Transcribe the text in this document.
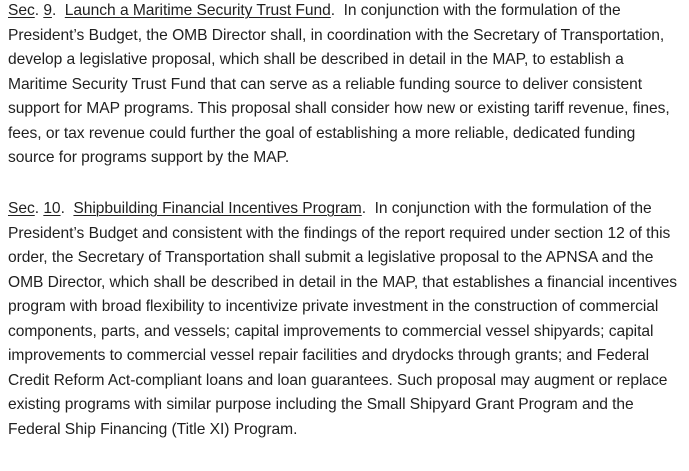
Sec. 9.  Launch a Maritime Security Trust Fund.  In conjunction with the formulation of the President’s Budget, the OMB Director shall, in coordination with the Secretary of Transportation, develop a legislative proposal, which shall be described in detail in the MAP, to establish a Maritime Security Trust Fund that can serve as a reliable funding source to deliver consistent support for MAP programs. This proposal shall consider how new or existing tariff revenue, fines, fees, or tax revenue could further the goal of establishing a more reliable, dedicated funding source for programs support by the MAP.

Sec. 10.  Shipbuilding Financial Incentives Program.  In conjunction with the formulation of the President’s Budget and consistent with the findings of the report required under section 12 of this order, the Secretary of Transportation shall submit a legislative proposal to the APNSA and the OMB Director, which shall be described in detail in the MAP, that establishes a financial incentives program with broad flexibility to incentivize private investment in the construction of commercial components, parts, and vessels; capital improvements to commercial vessel shipyards; capital improvements to commercial vessel repair facilities and drydocks through grants; and Federal Credit Reform Act-compliant loans and loan guarantees. Such proposal may augment or replace existing programs with similar purpose including the Small Shipyard Grant Program and the Federal Ship Financing (Title XI) Program.
